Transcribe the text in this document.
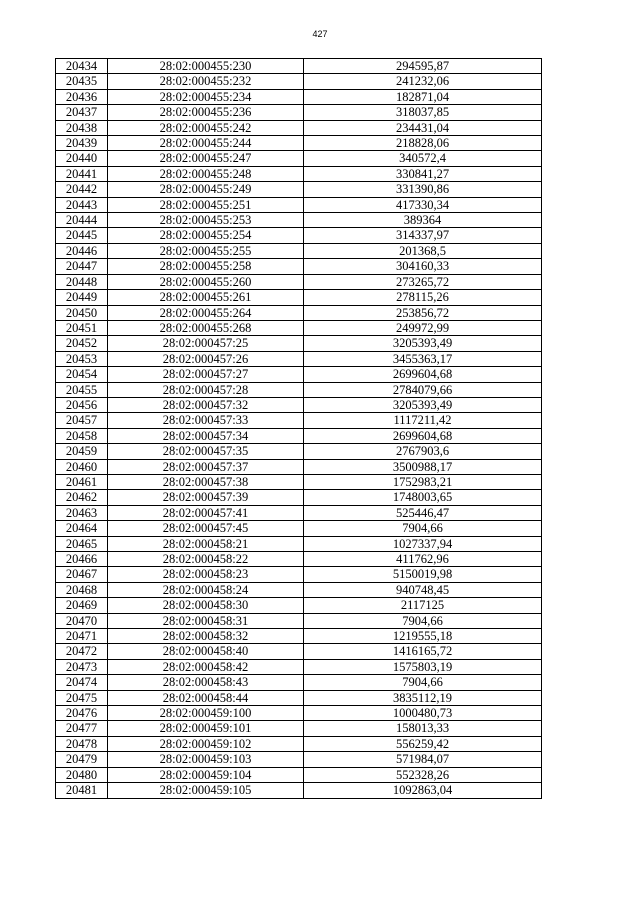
427
20434	28:02:000455:230	294595,87
20435	28:02:000455:232	241232,06
20436	28:02:000455:234	182871,04
20437	28:02:000455:236	318037,85
20438	28:02:000455:242	234431,04
20439	28:02:000455:244	218828,06
20440	28:02:000455:247	340572,4
20441	28:02:000455:248	330841,27
20442	28:02:000455:249	331390,86
20443	28:02:000455:251	417330,34
20444	28:02:000455:253	389364
20445	28:02:000455:254	314337,97
20446	28:02:000455:255	201368,5
20447	28:02:000455:258	304160,33
20448	28:02:000455:260	273265,72
20449	28:02:000455:261	278115,26
20450	28:02:000455:264	253856,72
20451	28:02:000455:268	249972,99
20452	28:02:000457:25	3205393,49
20453	28:02:000457:26	3455363,17
20454	28:02:000457:27	2699604,68
20455	28:02:000457:28	2784079,66
20456	28:02:000457:32	3205393,49
20457	28:02:000457:33	1117211,42
20458	28:02:000457:34	2699604,68
20459	28:02:000457:35	2767903,6
20460	28:02:000457:37	3500988,17
20461	28:02:000457:38	1752983,21
20462	28:02:000457:39	1748003,65
20463	28:02:000457:41	525446,47
20464	28:02:000457:45	7904,66
20465	28:02:000458:21	1027337,94
20466	28:02:000458:22	411762,96
20467	28:02:000458:23	5150019,98
20468	28:02:000458:24	940748,45
20469	28:02:000458:30	2117125
20470	28:02:000458:31	7904,66
20471	28:02:000458:32	1219555,18
20472	28:02:000458:40	1416165,72
20473	28:02:000458:42	1575803,19
20474	28:02:000458:43	7904,66
20475	28:02:000458:44	3835112,19
20476	28:02:000459:100	1000480,73
20477	28:02:000459:101	158013,33
20478	28:02:000459:102	556259,42
20479	28:02:000459:103	571984,07
20480	28:02:000459:104	552328,26
20481	28:02:000459:105	1092863,04
